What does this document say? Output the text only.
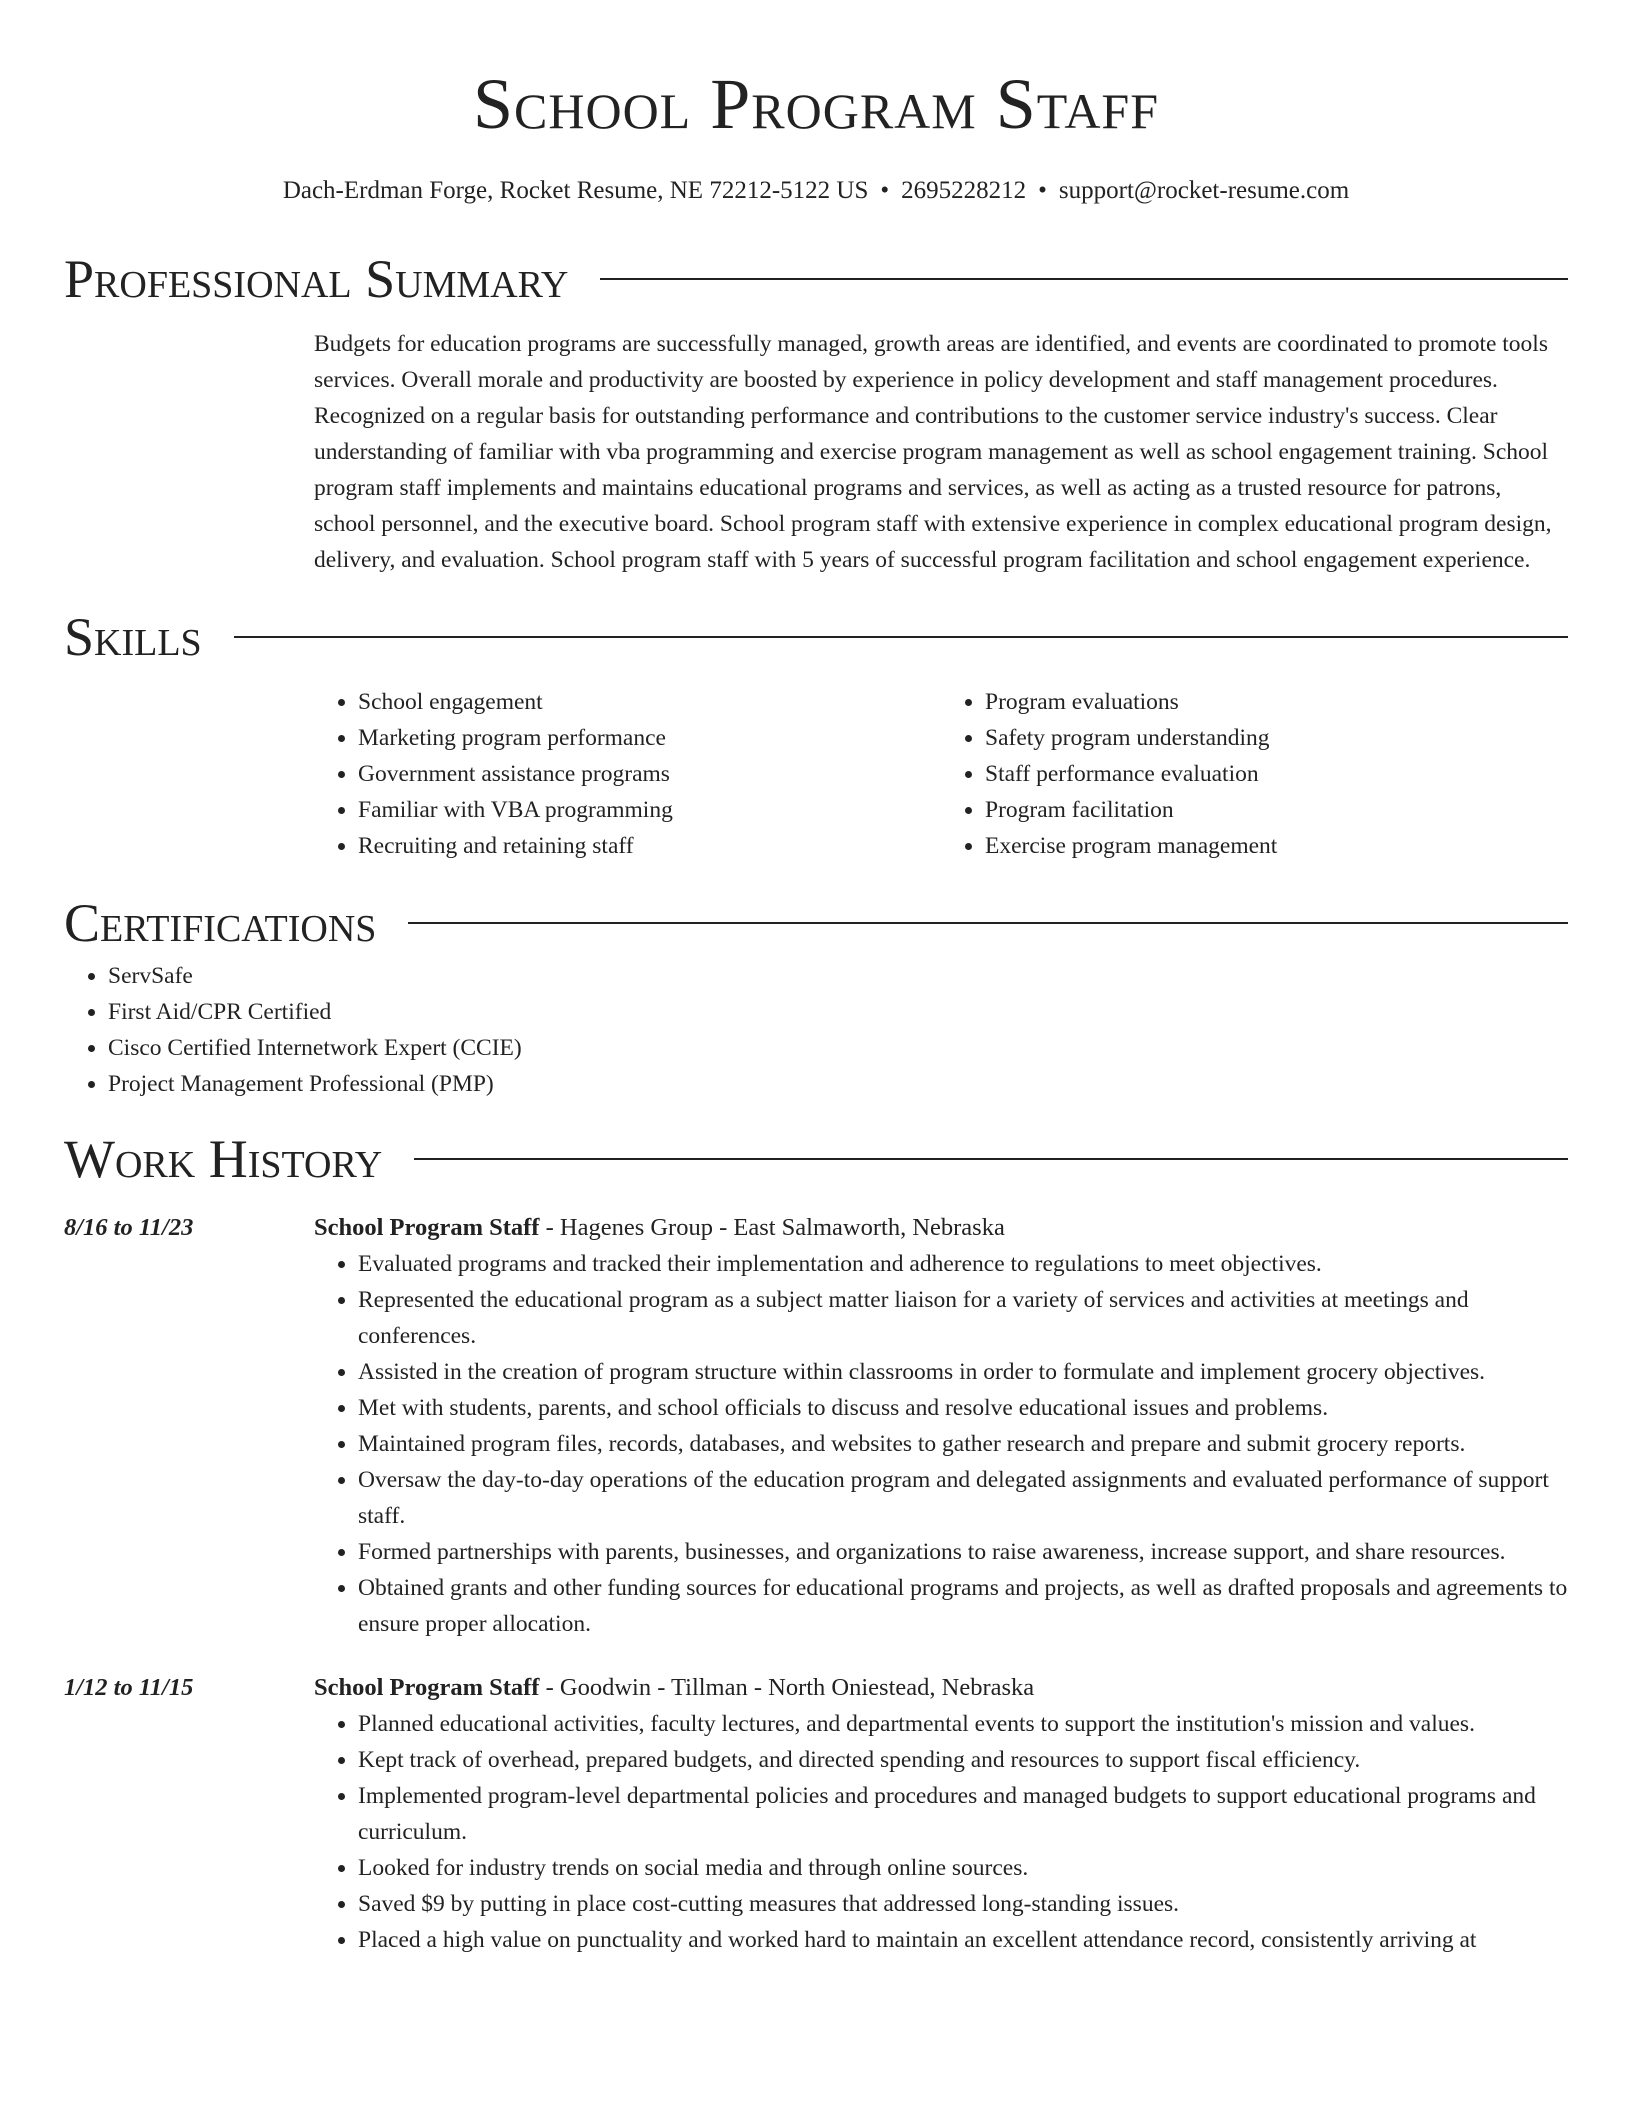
School Program Staff
Dach-Erdman Forge, Rocket Resume, NE 72212-5122 US • 2695228212 • support@rocket-resume.com
Professional Summary

Budgets for education programs are successfully managed, growth areas are identified, and events are coordinated to promote tools services. Overall morale and productivity are boosted by experience in policy development and staff management procedures. Recognized on a regular basis for outstanding performance and contributions to the customer service industry's success. Clear understanding of familiar with vba programming and exercise program management as well as school engagement training. School program staff implements and maintains educational programs and services, as well as acting as a trusted resource for patrons, school personnel, and the executive board. School program staff with extensive experience in complex educational program design, delivery, and evaluation. School program staff with 5 years of successful program facilitation and school engagement experience.

Skills
• School engagement
• Marketing program performance
• Government assistance programs
• Familiar with VBA programming
• Recruiting and retaining staff
• Program evaluations
• Safety program understanding
• Staff performance evaluation
• Program facilitation
• Exercise program management
Certifications
• ServSafe
• First Aid/CPR Certified
• Cisco Certified Internetwork Expert (CCIE)
• Project Management Professional (PMP)
Work History
8/16 to 11/23	School Program Staff - Hagenes Group - East Salmaworth, Nebraska
• Evaluated programs and tracked their implementation and adherence to regulations to meet objectives.
• Represented the educational program as a subject matter liaison for a variety of services and activities at meetings and conferences.
• Assisted in the creation of program structure within classrooms in order to formulate and implement grocery objectives.
• Met with students, parents, and school officials to discuss and resolve educational issues and problems.
• Maintained program files, records, databases, and websites to gather research and prepare and submit grocery reports.
• Oversaw the day-to-day operations of the education program and delegated assignments and evaluated performance of support staff.
• Formed partnerships with parents, businesses, and organizations to raise awareness, increase support, and share resources.
• Obtained grants and other funding sources for educational programs and projects, as well as drafted proposals and agreements to ensure proper allocation.
1/12 to 11/15	School Program Staff - Goodwin - Tillman - North Oniestead, Nebraska
• Planned educational activities, faculty lectures, and departmental events to support the institution's mission and values.
• Kept track of overhead, prepared budgets, and directed spending and resources to support fiscal efficiency.
• Implemented program-level departmental policies and procedures and managed budgets to support educational programs and curriculum.
• Looked for industry trends on social media and through online sources.
• Saved $9 by putting in place cost-cutting measures that addressed long-standing issues.
• Placed a high value on punctuality and worked hard to maintain an excellent attendance record, consistently arriving at
